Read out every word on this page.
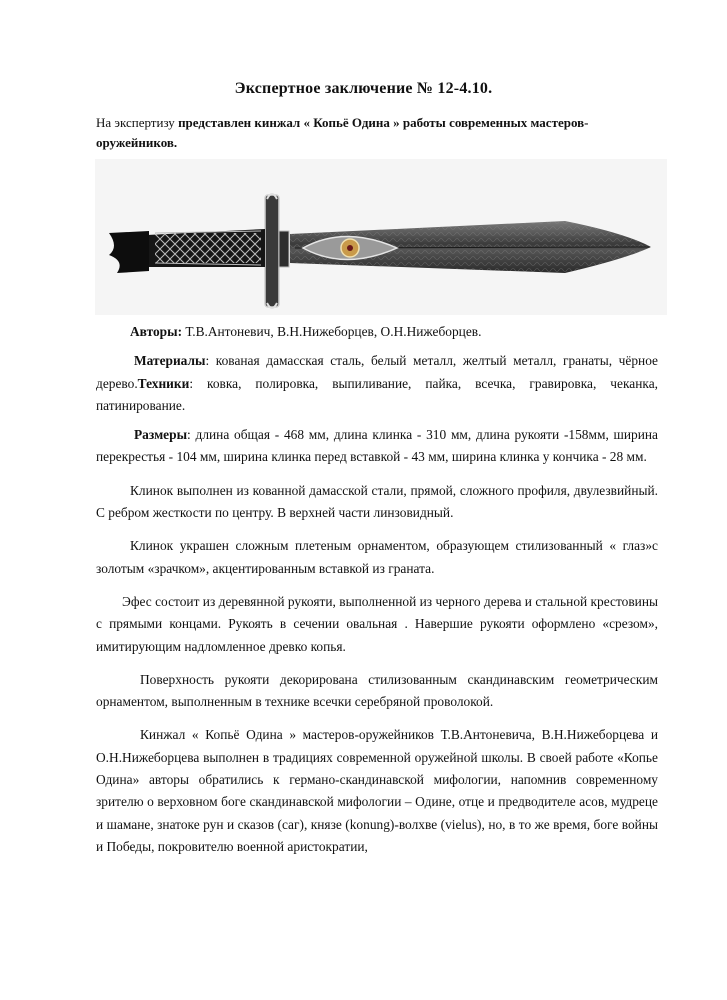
Экспертное заключение № 12-4.10.
На экспертизу представлен кинжал « Копьё Одина » работы современных мастеров-оружейников.

Авторы: Т.В.Антоневич, В.Н.Нижеборцев, О.Н.Нижеборцев.

Материалы: кованая дамасская сталь, белый металл, желтый металл, гранаты, чёрное дерево.Техники: ковка, полировка, выпиливание, пайка, всечка, гравировка, чеканка, патинирование.

Размеры: длина общая - 468 мм, длина клинка - 310 мм, длина рукояти -158мм, ширина перекрестья - 104 мм, ширина клинка перед вставкой - 43 мм, ширина клинка у кончика - 28 мм.

Клинок выполнен из кованной дамасской стали, прямой, сложного профиля, двулезвийный. С ребром жесткости по центру. В верхней части линзовидный.

Клинок украшен сложным плетеным орнаментом, образующем стилизованный « глаз»с золотым «зрачком», акцентированным вставкой из граната.

Эфес состоит из деревянной рукояти, выполненной из черного дерева и стальной крестовины с прямыми концами. Рукоять в сечении овальная . Навершие рукояти оформлено «срезом», имитирующим надломленное древко копья.

Поверхность рукояти декорирована стилизованным скандинавским геометрическим орнаментом, выполненным в технике всечки серебряной проволокой.

Кинжал « Копьё Одина » мастеров-оружейников Т.В.Антоневича, В.Н.Нижеборцева и О.Н.Нижеборцева выполнен в традициях современной оружейной школы. В своей работе «Копье Одина» авторы обратились к германо-скандинавской мифологии, напомнив современному зрителю о верховном боге скандинавской мифологии – Одине, отце и предводителе асов, мудреце и шамане, знатоке рун и сказов (саг), князе (konung)-волхве (vielus), но, в то же время, боге войны и Победы, покровителю военной аристократии,
